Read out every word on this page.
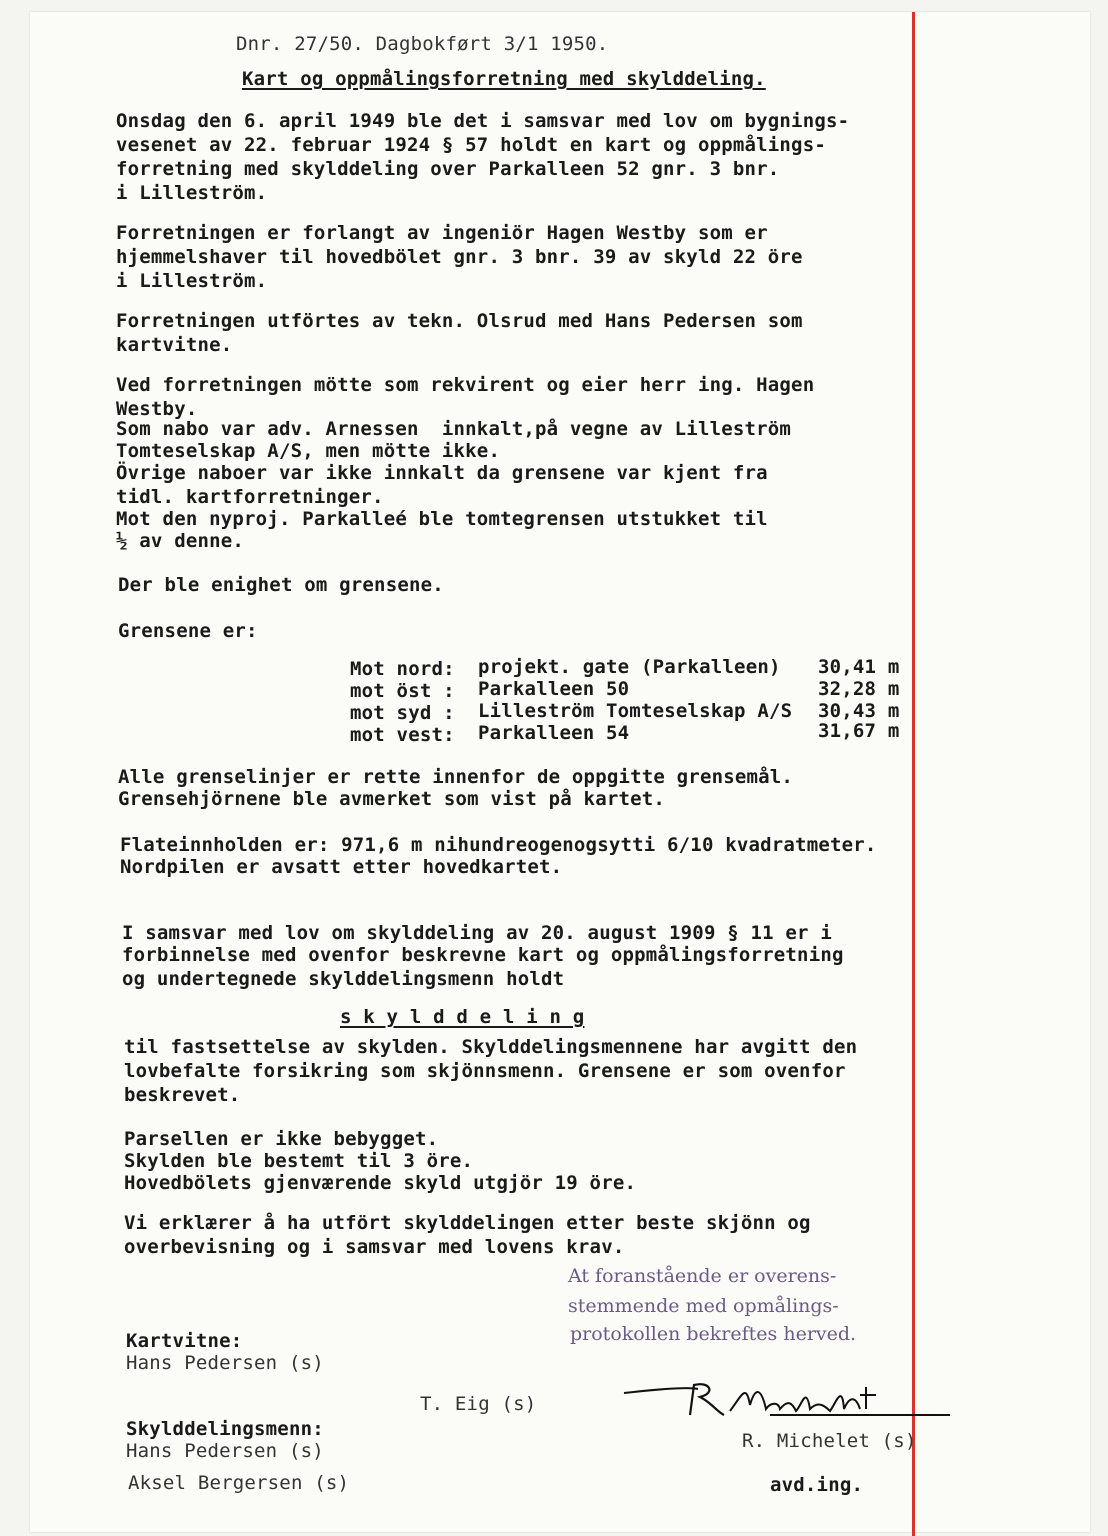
Dnr. 27/50. Dagbokført 3/1 1950.
Kart og oppmålingsforretning med skylddeling.
Onsdag den 6. april 1949 ble det i samsvar med lov om bygnings-
vesenet av 22. februar 1924 § 57 holdt en kart og oppmålings-
forretning med skylddeling over Parkalleen 52 gnr. 3 bnr.
i Lilleström.
Forretningen er forlangt av ingeniör Hagen Westby som er
hjemmelshaver til hovedbölet gnr. 3 bnr. 39 av skyld 22 öre
i Lilleström.
Forretningen utförtes av tekn. Olsrud med Hans Pedersen som
kartvitne.
Ved forretningen mötte som rekvirent og eier herr ing. Hagen
Westby.
Som nabo var adv. Arnessen  innkalt,på vegne av Lilleström
Tomteselskap A/S, men mötte ikke.
Övrige naboer var ikke innkalt da grensene var kjent fra
tidl. kartforretninger.
Mot den nyproj. Parkalleé ble tomtegrensen utstukket til
½ av denne.
Der ble enighet om grensene.
Grensene er:
Mot nord: projekt. gate (Parkalleen) 30,41 m
mot öst : Parkalleen 50	32,28 m
mot syd : Lilleström Tomteselskap A/S 30,43 m
mot vest: Parkalleen 54	31,67 m
Alle grenselinjer er rette innenfor de oppgitte grensemål.
Grensehjörnene ble avmerket som vist på kartet.
Flateinnholden er: 971,6 m nihundreogenogsytti 6/10 kvadratmeter.
Nordpilen er avsatt etter hovedkartet.
I samsvar med lov om skylddeling av 20. august 1909 § 11 er i
forbinnelse med ovenfor beskrevne kart og oppmålingsforretning
og undertegnede skylddelingsmenn holdt
s k y l d d e l i n g
til fastsettelse av skylden. Skylddelingsmennene har avgitt den
lovbefalte forsikring som skjönnsmenn. Grensene er som ovenfor
beskrevet.
Parsellen er ikke bebygget.
Skylden ble bestemt til 3 öre.
Hovedbölets gjenværende skyld utgjör 19 öre.
Vi erklærer å ha utfört skylddelingen etter beste skjönn og
overbevisning og i samsvar med lovens krav.
At foranstående er overens-
stemmende med opmålings-
protokollen bekreftes herved.
Kartvitne:
Hans Pedersen (s)
T. Eig (s)
Skylddelingsmenn:
Hans Pedersen (s)
Aksel Bergersen (s)
R. Michelet (s)
avd.ing.
